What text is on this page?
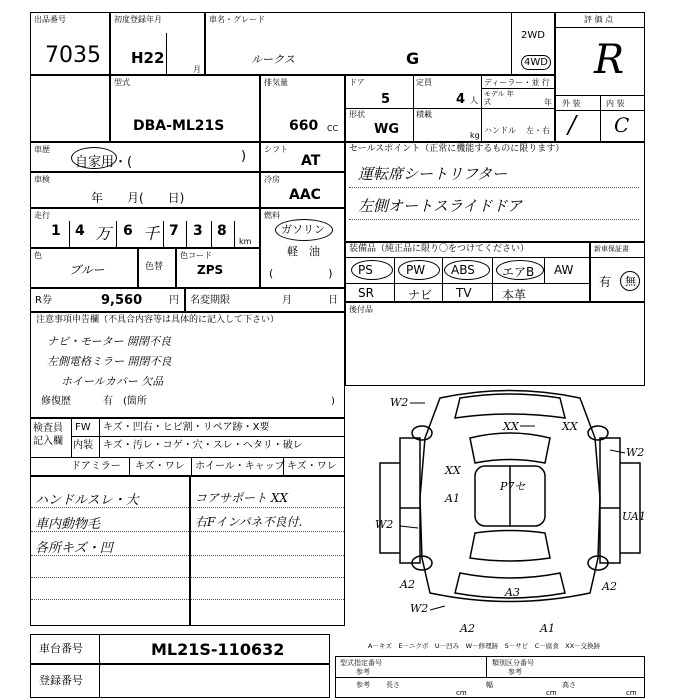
出品番号
7035
初度登録年月
H22
月
車名・グレード
ルークス	G
2WD
4WD
評 価 点
R
外 装	内 装
/ C
型式
DBA-ML21S
排気量
660 CC
ドア
5
定員
4 人
ディーラー・並 行
モデル 年式	年
形状
WG
積載
kg
ハンドル 左・右
車歴
自家用・(	) シフト
AT
セールスポイント（正常に機能するものに限ります）
運転席シートリフター
左側オートスライドドア
車検
年　　月(　　日)
冷房
AAC
走行
1 4 万 6 千 7 3 8
km
燃料
ガソリン
軽　油
(　　　　　)
装備品（純正品に限り〇をつけてください）
PS	PW ABS エアB AW
SR	ナビ TV	本革
新車保証書
有 無
後付品
色
ブルー	色替
色コード
ZPS
R券	9,560	円 名変期限	月	日
注意事項申告欄（不具合内容等は具体的に記入して下さい）
ナビ・モーター 開閉不良
左側電格ミラー 開閉不良
ホイールカバー 欠品
修復歴	有　(箇所	)
検査員
記入欄
FW キズ・凹右・ヒビ割・リペア跡・X要
内装 キズ・汚レ・コゲ・穴・スレ・ヘタリ・破レ
ドアミラー キズ・ワレ ホイール・キャップ キズ・ワレ
ハンドルスレ・大
車内動物毛
各所キズ・凹
コアサポート XX
右Fインパネ不良付.
W2
XX	XX
W2
XX
A1
P7セ
W2
UA1
A2
A3	A2
W2
A2	A1
車台番号	ML21S-110632
登録番号
A－キズ　E－ニクボ　U－凹み　W－修理跡　S－サビ　C－腐食　XX－交換跡
型式指定番号
参考
類別区分番号
参考
参考 長さ
cm
幅
cm
高さ
cm
